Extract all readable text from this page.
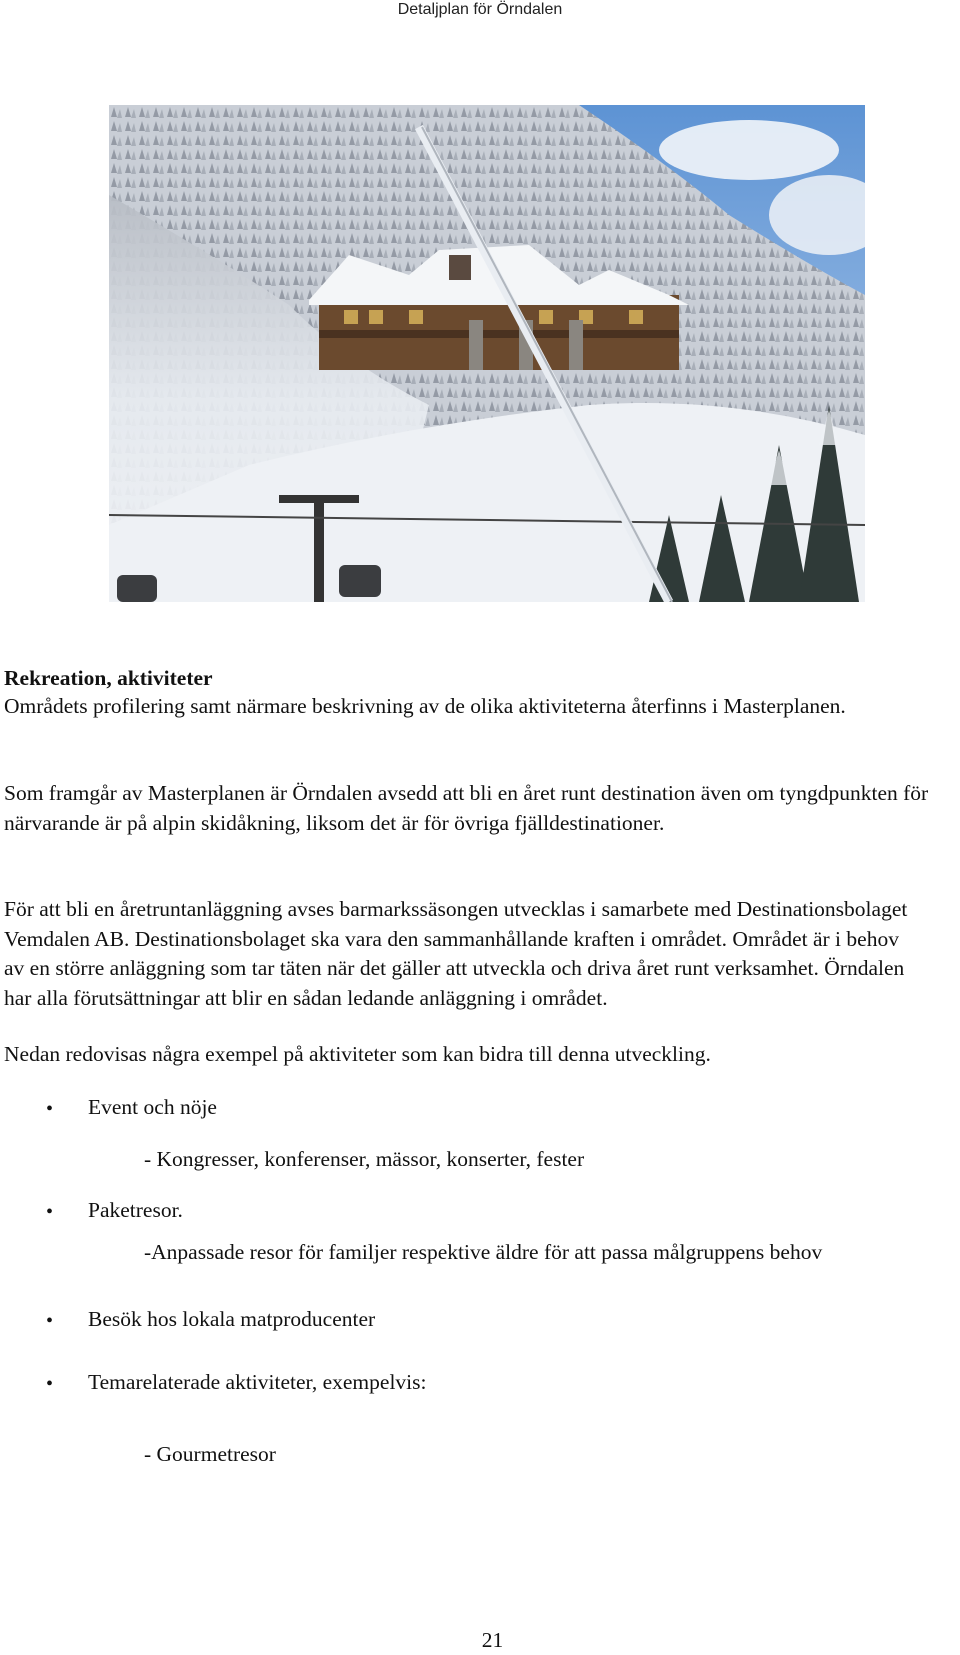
Detaljplan för Örndalen
Rekreation, aktiviteter

Områdets profilering samt närmare beskrivning av de olika aktiviteterna återfinns i Masterplanen.

Som framgår av Masterplanen är Örndalen avsedd att bli en året runt destination även om tyngdpunkten för närvarande är på alpin skidåkning, liksom det är för övriga fjälldestinationer.

För att bli en åretruntanläggning avses barmarkssäsongen utvecklas i samarbete med Destinationsbolaget Vemdalen AB. Destinationsbolaget ska vara den sammanhållande kraften i området. Området är i behov av en större anläggning som tar täten när det gäller att utveckla och driva året runt verksamhet. Örndalen har alla förutsättningar att blir en sådan ledande anläggning i området.

Nedan redovisas några exempel på aktiviteter som kan bidra till denna utveckling.

• Event och nöje
- Kongresser, konferenser, mässor, konserter, fester
• Paketresor.
-Anpassade resor för familjer respektive äldre för att passa målgruppens behov
• Besök hos lokala matproducenter
• Temarelaterade aktiviteter, exempelvis:
- Gourmetresor
21
